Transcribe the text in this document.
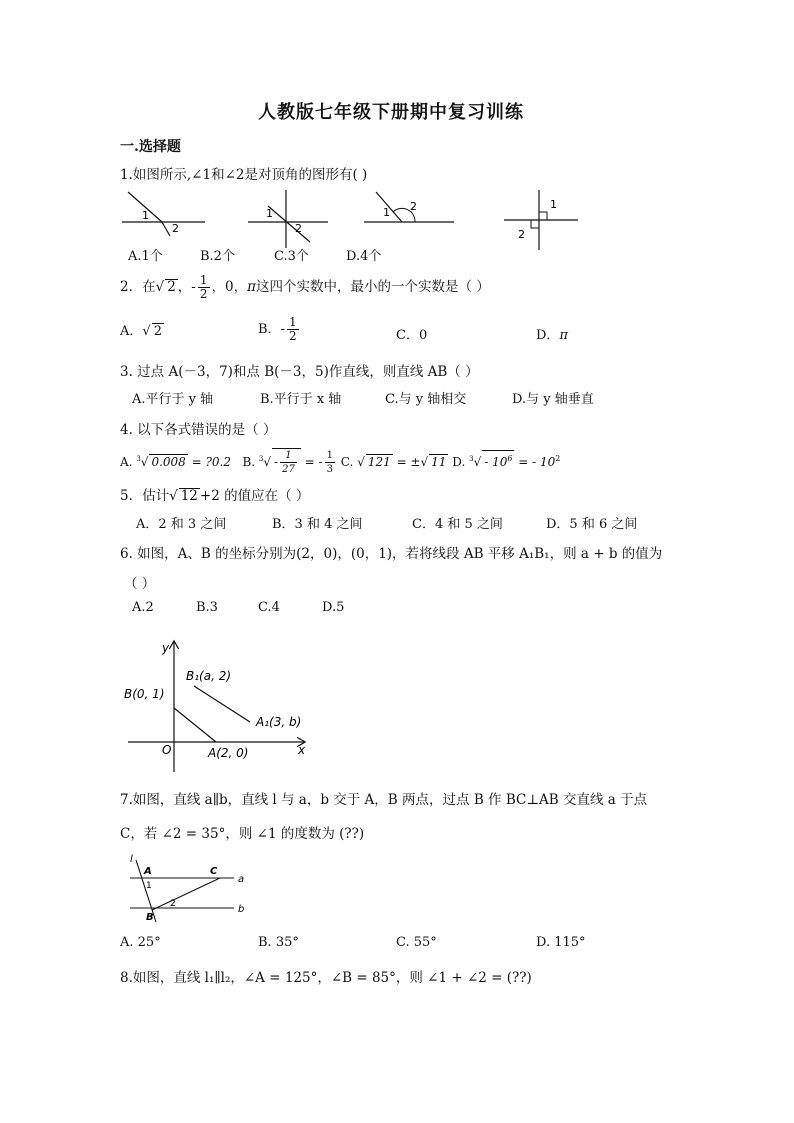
人教版七年级下册期中复习训练
一.选择题
1.如图所示,∠1和∠2是对顶角的图形有( )
1
2
1
2
1 2	1
2
A.1个	B.2个	C.3个	D.4个
2．在√ 2 ，- $\frac{1}{2}$ ，0，π这四个实数中，最小的一个实数是（ ）
A．√ 2	B．- $\frac{1}{2}$	C．0	D．π
3. 过点 A(－3，7)和点 B(－3，5)作直线，则直线 AB（ ）
A.平行于 y 轴	B.平行于 x 轴	C.与 y 轴相交	D.与 y 轴垂直
4. 以下各式错误的是（ ）
A. $^3$√ 0.008 = ?0.2 B. $^3√ - \frac{1}{27}$ = - $\frac{1}{3} C$. √ 121 = ±√ 11 D. $^3√ - 10^6$ = - $10^2$
5．估计√ 12 +2 的值应在（ ）
A．2 和 3 之间	B．3 和 4 之间	C．4 和 5 之间	D．5 和 6 之间
6. 如图，A、B 的坐标分别为(2，0)，(0，1)，若将线段 AB 平移 A₁B₁，则 a + b 的值为
（ ）
A.2	B.3	C.4	D.5
y
x
O
B(0, 1)
B₁(a, 2)
A₁(3, b)
A(2, 0)
7.如图，直线 a∥b，直线 l 与 a，b 交于 A，B 两点，过点 B 作 BC⊥AB 交直线 a 于点
C，若 ∠2 = 35°，则 ∠1 的度数为 (??)
l
A	C
a
b
B
1
2
A. 25°	B. 35°	C. 55°	D. 115°
8.如图，直线 l₁∥l₂，∠A = 125°，∠B = 85°，则 ∠1 + ∠2 = (??)
